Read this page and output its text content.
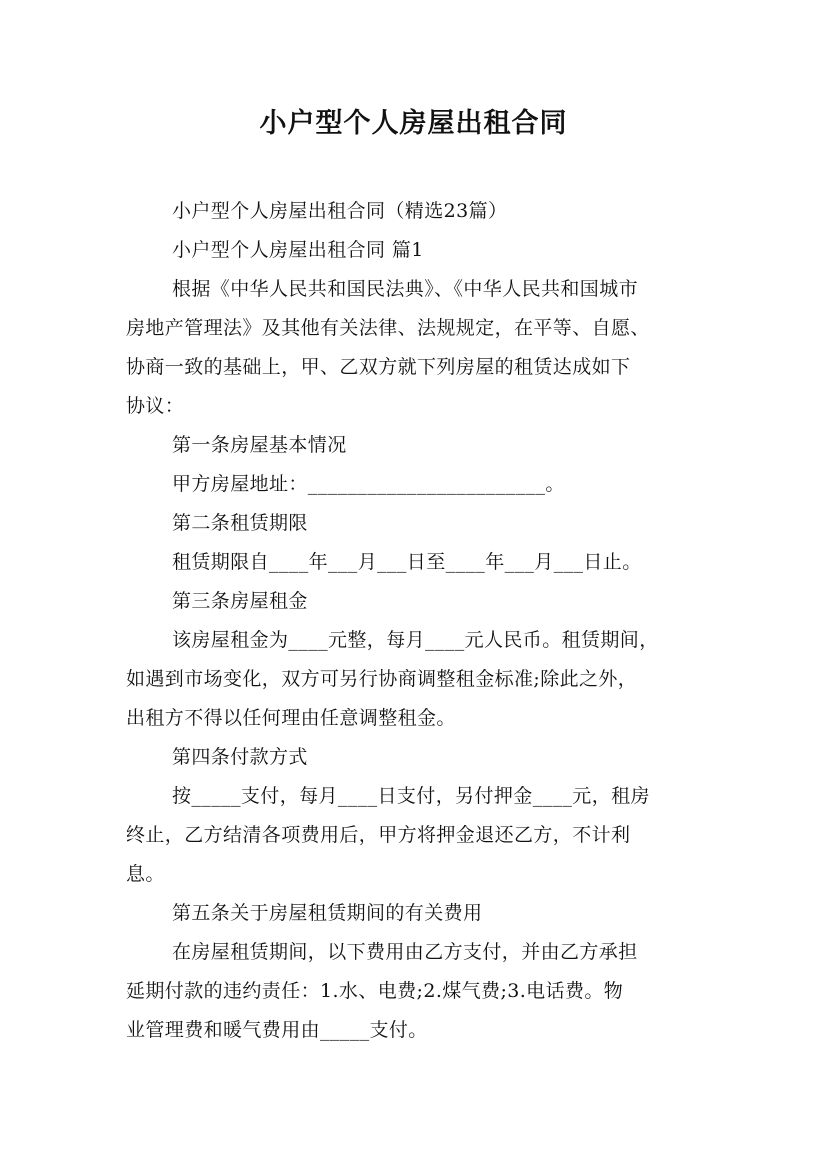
小户型个人房屋出租合同
小户型个人房屋出租合同（精选23篇）
小户型个人房屋出租合同 篇1
根据《中华人民共和国民法典》、《中华人民共和国城市
房地产管理法》及其他有关法律、法规规定，在平等、自愿、
协商一致的基础上，甲、乙双方就下列房屋的租赁达成如下
协议：
第一条房屋基本情况
甲方房屋地址：________________________。
第二条租赁期限
租赁期限自____年___月___日至____年___月___日止。
第三条房屋租金
该房屋租金为____元整，每月____元人民币。租赁期间，
如遇到市场变化，双方可另行协商调整租金标准;除此之外，
出租方不得以任何理由任意调整租金。
第四条付款方式
按_____支付，每月____日支付，另付押金____元，租房
终止，乙方结清各项费用后，甲方将押金退还乙方，不计利
息。
第五条关于房屋租赁期间的有关费用
在房屋租赁期间，以下费用由乙方支付，并由乙方承担
延期付款的违约责任：1.水、电费;2.煤气费;3.电话费。物
业管理费和暖气费用由_____支付。
